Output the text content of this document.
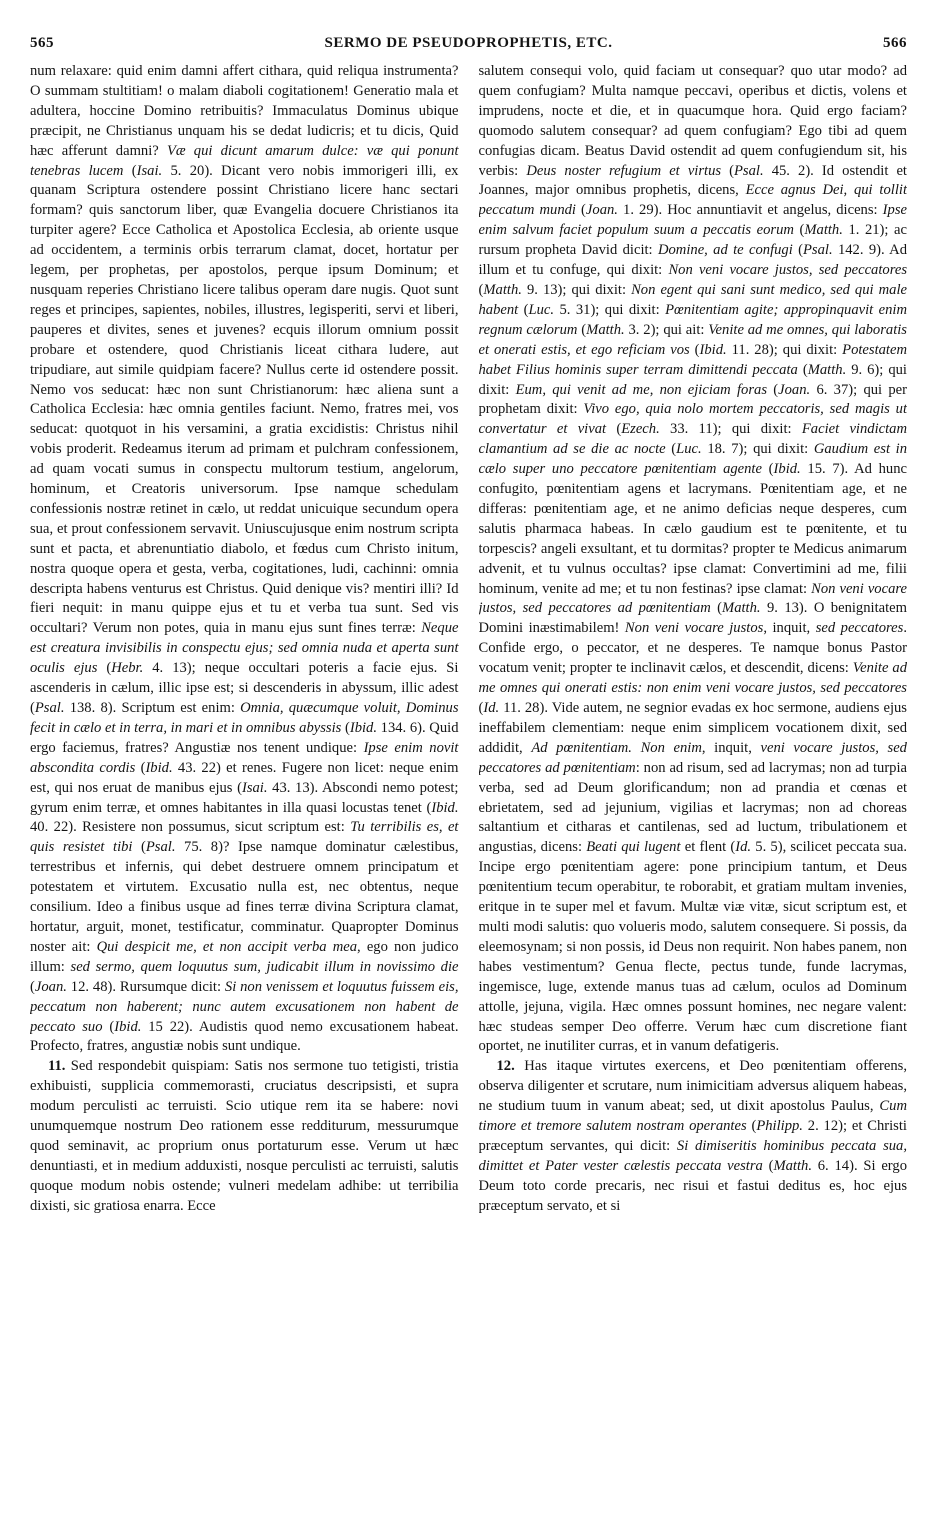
565	SERMO DE PSEUDOPROPHETIS, ETC.	566

num relaxare: quid enim damni affert cithara, quid reliqua instrumenta? O summam stultitiam! o malam diaboli cogitationem! Generatio mala et adultera, hoccine Domino retribuitis? Immaculatus Dominus ubique præcipit, ne Christianus unquam his se dedat ludicris; et tu dicis, Quid hæc afferunt damni? Væ qui dicunt amarum dulce: væ qui ponunt tenebras lucem (Isai. 5. 20). Dicant vero nobis immorigeri illi, ex quanam Scriptura ostendere possint Christiano licere hanc sectari formam? quis sanctorum liber, quæ Evangelia docuere Christianos ita turpiter agere? Ecce Catholica et Apostolica Ecclesia, ab oriente usque ad occidentem, a terminis orbis terrarum clamat, docet, hortatur per legem, per prophetas, per apostolos, perque ipsum Dominum; et nusquam reperies Christiano licere talibus operam dare nugis. Quot sunt reges et principes, sapientes, nobiles, illustres, legisperiti, servi et liberi, pauperes et divites, senes et juvenes? ecquis illorum omnium possit probare et ostendere, quod Christianis liceat cithara ludere, aut tripudiare, aut simile quidpiam facere? Nullus certe id ostendere possit. Nemo vos seducat: hæc non sunt Christianorum: hæc aliena sunt a Catholica Ecclesia: hæc omnia gentiles faciunt. Nemo, fratres mei, vos seducat: quotquot in his versamini, a gratia excidistis: Christus nihil vobis proderit. Redeamus iterum ad primam et pulchram confessionem, ad quam vocati sumus in conspectu multorum testium, angelorum, hominum, et Creatoris universorum. Ipse namque schedulam confessionis nostræ retinet in cælo, ut reddat unicuique secundum opera sua, et prout confessionem servavit. Uniuscujusque enim nostrum scripta sunt et pacta, et abrenuntiatio diabolo, et fœdus cum Christo initum, nostra quoque opera et gesta, verba, cogitationes, ludi, cachinni: omnia descripta habens venturus est Christus. Quid denique vis? mentiri illi? Id fieri nequit: in manu quippe ejus et tu et verba tua sunt. Sed vis occultari? Verum non potes, quia in manu ejus sunt fines terræ: Neque est creatura invisibilis in conspectu ejus; sed omnia nuda et aperta sunt oculis ejus (Hebr. 4. 13); neque occultari poteris a facie ejus. Si ascenderis in cælum, illic ipse est; si descenderis in abyssum, illic adest (Psal. 138. 8). Scriptum est enim: Omnia, quæcumque voluit, Dominus fecit in cælo et in terra, in mari et in omnibus abyssis (Ibid. 134. 6). Quid ergo faciemus, fratres? Angustiæ nos tenent undique: Ipse enim novit abscondita cordis (Ibid. 43. 22) et renes. Fugere non licet: neque enim est, qui nos eruat de manibus ejus (Isai. 43. 13). Abscondi nemo potest; gyrum enim terræ, et omnes habitantes in illa quasi locustas tenet (Ibid. 40. 22). Resistere non possumus, sicut scriptum est: Tu terribilis es, et quis resistet tibi (Psal. 75. 8)? Ipse namque dominatur cælestibus, terrestribus et infernis, qui debet destruere omnem principatum et potestatem et virtutem. Excusatio nulla est, nec obtentus, neque consilium. Ideo a finibus usque ad fines terræ divina Scriptura clamat, hortatur, arguit, monet, testificatur, comminatur. Quapropter Dominus noster ait: Qui despicit me, et non accipit verba mea, ego non judico illum: sed sermo, quem loquutus sum, judicabit illum in novissimo die (Joan. 12. 48). Rursumque dicit: Si non venissem et loquutus fuissem eis, peccatum non haberent; nunc autem excusationem non habent de peccato suo (Ibid. 15 22). Audistis quod nemo excusationem habeat. Profecto, fratres, angustiæ nobis sunt undique.

11. Sed respondebit quispiam: Satis nos sermone tuo tetigisti, tristia exhibuisti, supplicia commemorasti, cruciatus descripsisti, et supra modum perculisti ac terruisti. Scio utique rem ita se habere: novi unumquemque nostrum Deo rationem esse redditurum, messurumque quod seminavit, ac proprium onus portaturum esse. Verum ut hæc denuntiasti, et in medium adduxisti, nosque perculisti ac terruisti, salutis quoque modum nobis ostende; vulneri medelam adhibe: ut terribilia dixisti, sic gratiosa enarra. Ecce

salutem consequi volo, quid faciam ut consequar? quo utar modo? ad quem confugiam? Multa namque peccavi, operibus et dictis, volens et imprudens, nocte et die, et in quacumque hora. Quid ergo faciam? quomodo salutem consequar? ad quem confugiam? Ego tibi ad quem confugias dicam. Beatus David ostendit ad quem confugiendum sit, his verbis: Deus noster refugium et virtus (Psal. 45. 2). Id ostendit et Joannes, major omnibus prophetis, dicens, Ecce agnus Dei, qui tollit peccatum mundi (Joan. 1. 29). Hoc annuntiavit et angelus, dicens: Ipse enim salvum faciet populum suum a peccatis eorum (Matth. 1. 21); ac rursum propheta David dicit: Domine, ad te confugi (Psal. 142. 9). Ad illum et tu confuge, qui dixit: Non veni vocare justos, sed peccatores (Matth. 9. 13); qui dixit: Non egent qui sani sunt medico, sed qui male habent (Luc. 5. 31); qui dixit: Pœnitentiam agite; appropinquavit enim regnum cælorum (Matth. 3. 2); qui ait: Venite ad me omnes, qui laboratis et onerati estis, et ego reficiam vos (Ibid. 11. 28); qui dixit: Potestatem habet Filius hominis super terram dimittendi peccata (Matth. 9. 6); qui dixit: Eum, qui venit ad me, non ejiciam foras (Joan. 6. 37); qui per prophetam dixit: Vivo ego, quia nolo mortem peccatoris, sed magis ut convertatur et vivat (Ezech. 33. 11); qui dixit: Faciet vindictam clamantium ad se die ac nocte (Luc. 18. 7); qui dixit: Gaudium est in cælo super uno peccatore pœnitentiam agente (Ibid. 15. 7). Ad hunc confugito, pœnitentiam agens et lacrymans. Pœnitentiam age, et ne differas: pœnitentiam age, et ne animo deficias neque desperes, cum salutis pharmaca habeas. In cælo gaudium est te pœnitente, et tu torpescis? angeli exsultant, et tu dormitas? propter te Medicus animarum advenit, et tu vulnus occultas? ipse clamat: Convertimini ad me, filii hominum, venite ad me; et tu non festinas? ipse clamat: Non veni vocare justos, sed peccatores ad pœnitentiam (Matth. 9. 13). O benignitatem Domini inæstimabilem! Non veni vocare justos, inquit, sed peccatores. Confide ergo, o peccator, et ne desperes. Te namque bonus Pastor vocatum venit; propter te inclinavit cælos, et descendit, dicens: Venite ad me omnes qui onerati estis: non enim veni vocare justos, sed peccatores (Id. 11. 28). Vide autem, ne segnior evadas ex hoc sermone, audiens ejus ineffabilem clementiam: neque enim simplicem vocationem dixit, sed addidit, Ad pœnitentiam. Non enim, inquit, veni vocare justos, sed peccatores ad pœnitentiam: non ad risum, sed ad lacrymas; non ad turpia verba, sed ad Deum glorificandum; non ad prandia et cœnas et ebrietatem, sed ad jejunium, vigilias et lacrymas; non ad choreas saltantium et citharas et cantilenas, sed ad luctum, tribulationem et angustias, dicens: Beati qui lugent et flent (Id. 5. 5), scilicet peccata sua. Incipe ergo pœnitentiam agere: pone principium tantum, et Deus pœnitentium tecum operabitur, te roborabit, et gratiam multam invenies, eritque in te super mel et favum. Multæ viæ vitæ, sicut scriptum est, et multi modi salutis: quo volueris modo, salutem consequere. Si possis, da eleemosynam; si non possis, id Deus non requirit. Non habes panem, non habes vestimentum? Genua flecte, pectus tunde, funde lacrymas, ingemisce, luge, extende manus tuas ad cælum, oculos ad Dominum attolle, jejuna, vigila. Hæc omnes possunt homines, nec negare valent: hæc studeas semper Deo offerre. Verum hæc cum discretione fiant oportet, ne inutiliter curras, et in vanum defatigeris.

12. Has itaque virtutes exercens, et Deo pœnitentiam offerens, observa diligenter et scrutare, num inimicitiam adversus aliquem habeas, ne studium tuum in vanum abeat; sed, ut dixit apostolus Paulus, Cum timore et tremore salutem nostram operantes (Philipp. 2. 12); et Christi præceptum servantes, qui dicit: Si dimiseritis hominibus peccata sua, dimittet et Pater vester cælestis peccata vestra (Matth. 6. 14). Si ergo Deum toto corde precaris, nec risui et fastui deditus es, hoc ejus præceptum servato, et si
